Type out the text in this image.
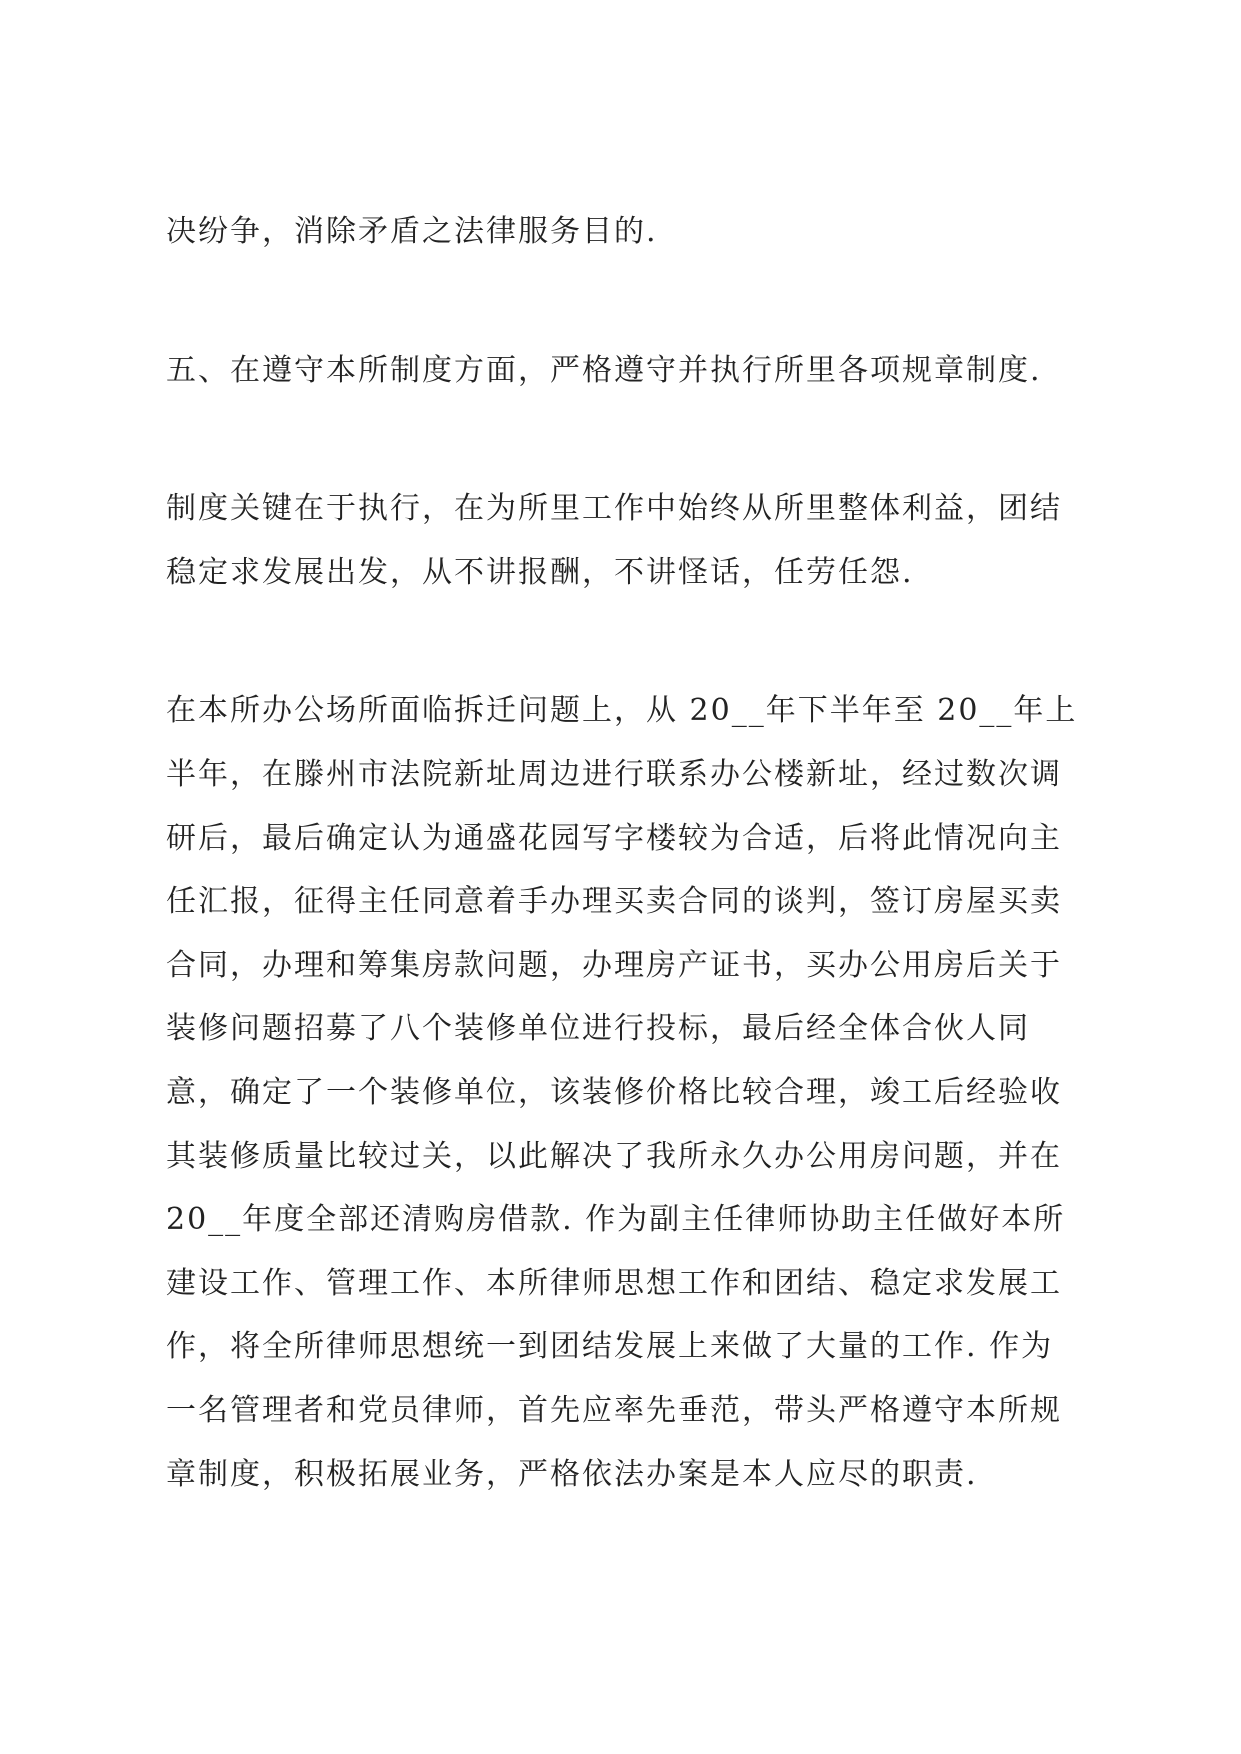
决纷争，消除矛盾之法律服务目的.

五、在遵守本所制度方面，严格遵守并执行所里各项规章制度.

制度关键在于执行，在为所里工作中始终从所里整体利益，团结
稳定求发展出发，从不讲报酬，不讲怪话，任劳任怨.

在本所办公场所面临拆迁问题上，从 20__年下半年至 20__年上
半年，在滕州市法院新址周边进行联系办公楼新址，经过数次调
研后，最后确定认为通盛花园写字楼较为合适，后将此情况向主
任汇报，征得主任同意着手办理买卖合同的谈判，签订房屋买卖
合同，办理和筹集房款问题，办理房产证书，买办公用房后关于
装修问题招募了八个装修单位进行投标，最后经全体合伙人同
意，确定了一个装修单位，该装修价格比较合理，竣工后经验收
其装修质量比较过关，以此解决了我所永久办公用房问题，并在
20__年度全部还清购房借款. 作为副主任律师协助主任做好本所
建设工作、管理工作、本所律师思想工作和团结、稳定求发展工
作，将全所律师思想统一到团结发展上来做了大量的工作. 作为
一名管理者和党员律师，首先应率先垂范，带头严格遵守本所规
章制度，积极拓展业务，严格依法办案是本人应尽的职责.
